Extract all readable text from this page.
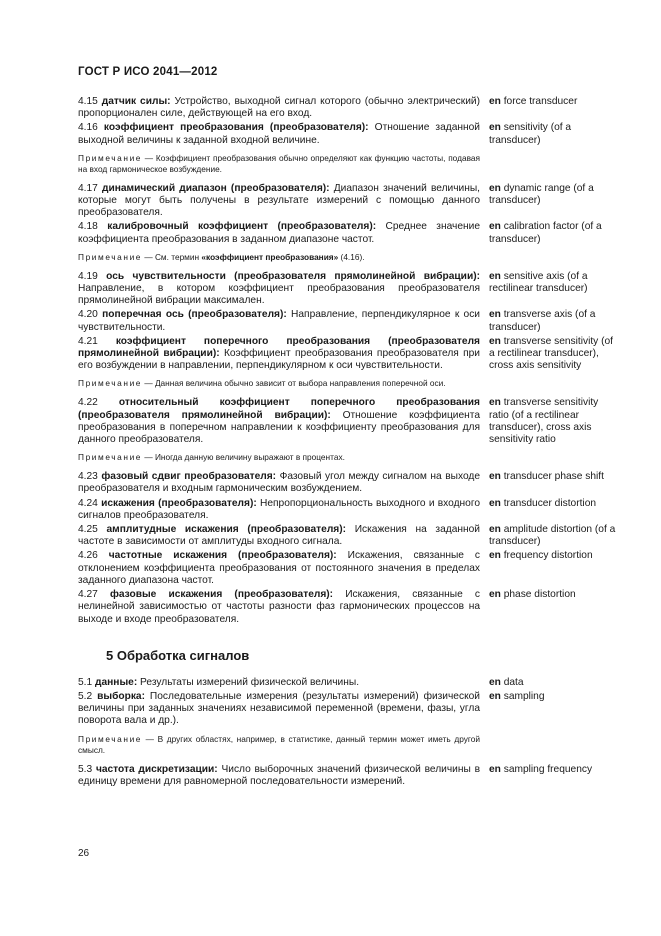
ГОСТ Р ИСО 2041—2012
4.15 датчик силы: Устройство, выходной сигнал которого (обычно электрический) пропорционален силе, действующей на его вход.
en force transducer
4.16 коэффициент преобразования (преобразователя): Отношение заданной выходной величины к заданной входной величине.
en sensitivity (of a transducer)
Примечание — Коэффициент преобразования обычно определяют как функцию частоты, подавая на вход гармоническое возбуждение.
4.17 динамический диапазон (преобразователя): Диапазон значений величины, которые могут быть получены в результате измерений с помощью данного преобразователя.
en dynamic range (of a transducer)
4.18 калибровочный коэффициент (преобразователя): Среднее значение коэффициента преобразования в заданном диапазоне частот.
en calibration factor (of a transducer)
Примечание — См. термин «коэффициент преобразования» (4.16).
4.19 ось чувствительности (преобразователя прямолинейной вибрации): Направление, в котором коэффициент преобразования преобразователя прямолинейной вибрации максимален.
en sensitive axis (of a rectilinear transducer)
4.20 поперечная ось (преобразователя): Направление, перпендикулярное к оси чувствительности.
en transverse axis (of a transducer)
4.21 коэффициент поперечного преобразования (преобразователя прямолинейной вибрации): Коэффициент преобразования преобразователя при его возбуждении в направлении, перпендикулярном к оси чувствительности.
en transverse sensitivity (of a rectilinear transducer), cross axis sensitivity
Примечание — Данная величина обычно зависит от выбора направления поперечной оси.
4.22 относительный коэффициент поперечного преобразования (преобразователя прямолинейной вибрации): Отношение коэффициента преобразования в поперечном направлении к коэффициенту преобразования для данного преобразователя.
en transverse sensitivity ratio (of a rectilinear transducer), cross axis sensitivity ratio
Примечание — Иногда данную величину выражают в процентах.
4.23 фазовый сдвиг преобразователя: Фазовый угол между сигналом на выходе преобразователя и входным гармоническим возбуждением.
en transducer phase shift
4.24 искажения (преобразователя): Непропорциональность выходного и входного сигналов преобразователя.
en transducer distortion
4.25 амплитудные искажения (преобразователя): Искажения на заданной частоте в зависимости от амплитуды входного сигнала.
en amplitude distortion (of a transducer)
4.26 частотные искажения (преобразователя): Искажения, связанные с отклонением коэффициента преобразования от постоянного значения в пределах заданного диапазона частот.
en frequency distortion
4.27 фазовые искажения (преобразователя): Искажения, связанные с нелинейной зависимостью от частоты разности фаз гармонических процессов на выходе и входе преобразователя.
en phase distortion
5 Обработка сигналов
5.1 данные: Результаты измерений физической величины.	en data
5.2 выборка: Последовательные измерения (результаты измерений) физической величины при заданных значениях независимой переменной (времени, фазы, угла поворота вала и др.).
en sampling
Примечание — В других областях, например, в статистике, данный термин может иметь другой смысл.
5.3 частота дискретизации: Число выборочных значений физической величины в единицу времени для равномерной последовательности измерений.
en sampling frequency
26
